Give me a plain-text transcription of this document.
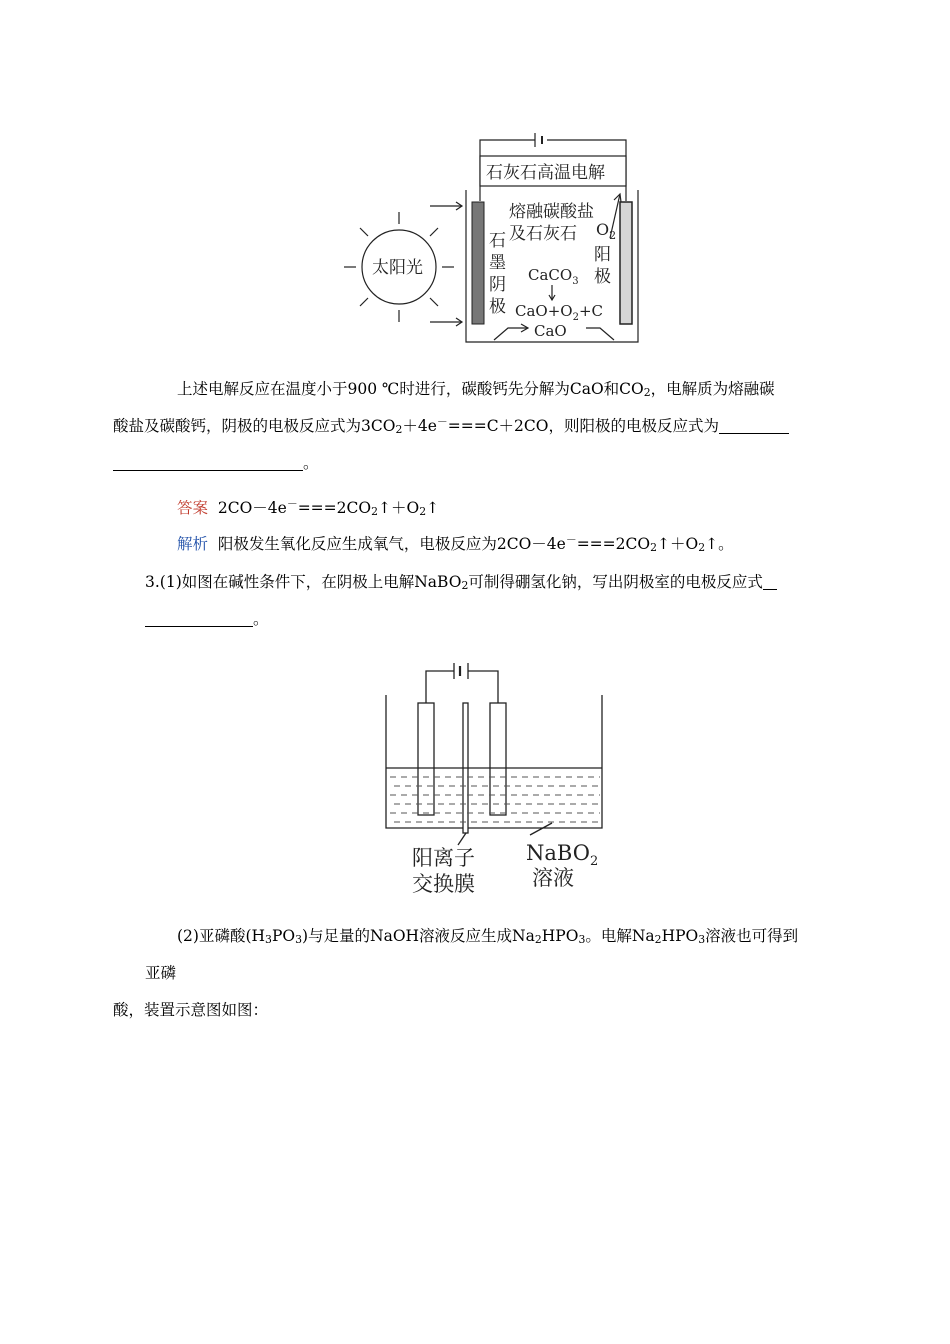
太阳光
石灰石高温电解
熔融碳酸盐
及石灰石
石
墨
阴
极
$O_2$
阳
极
CaCO$_3$
$CaO+O_2+C$
CaO

上述电解反应在温度小于900 ℃时进行，碳酸钙先分解为CaO和$CO_2$，电解质为熔融碳
酸盐及碳酸钙，阴极的电极反应式为$3CO_2+4e^-===C+2CO$，则阳极的电极反应式为
。

答案 $2CO-4e^-===2CO_2↑+O_2↑$

解析 阳极发生氧化反应生成氧气，电极反应为$2CO-4e^-===2CO_2↑+O_2↑$。

3.(1)如图在碱性条件下，在阴极上电解NaBO$_2$可制得硼氢化钠，写出阴极室的电极反应式
。

阳离子
交换膜
NaBO$_2$
溶液

(2)亚磷酸$(H_3PO_3)$与足量的NaOH溶液反应生成$Na_2HPO_3$。电解$Na_2HPO_3$溶液也可得到亚磷
酸，装置示意图如图：
